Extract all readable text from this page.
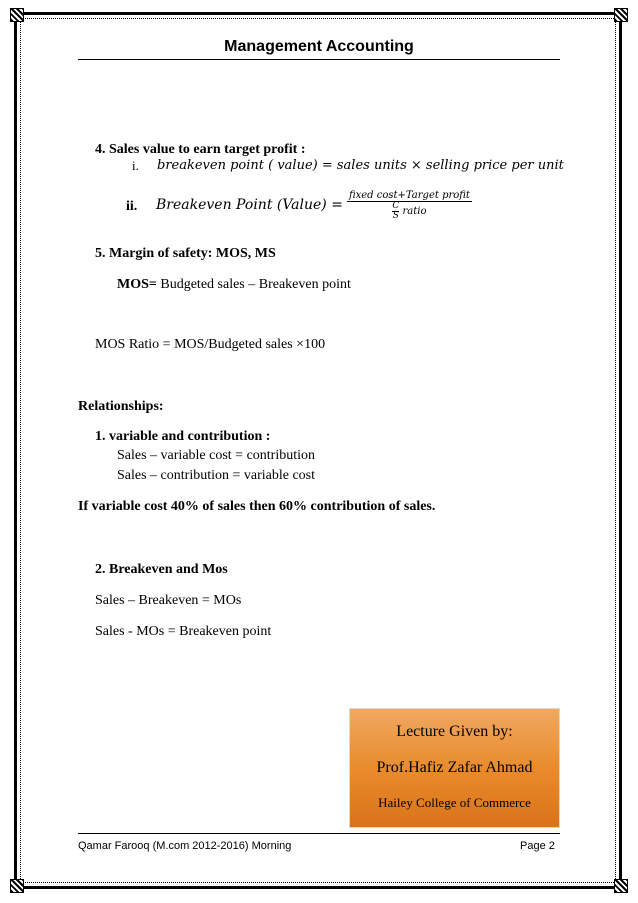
Management Accounting
4. Sales value to earn target profit :
i. breakeven point ( value) = sales units × selling price per unit
ii. Breakeven Point (Value) = $\frac{\text{fixed cost+Target profit}}{\frac{C}{S} ratio}$
5. Margin of safety: MOS, MS
MOS= Budgeted sales – Breakeven point
MOS Ratio = MOS/Budgeted sales ×100
Relationships:
1. variable and contribution :
Sales – variable cost = contribution
Sales – contribution = variable cost
If variable cost 40% of sales then 60% contribution of sales.
2. Breakeven and Mos
Sales – Breakeven = MOs
Sales - MOs = Breakeven point
Lecture Given by:
Prof.Hafiz Zafar Ahmad
Hailey College of Commerce
Qamar Farooq (M.com 2012-2016) Morning	Page 2
